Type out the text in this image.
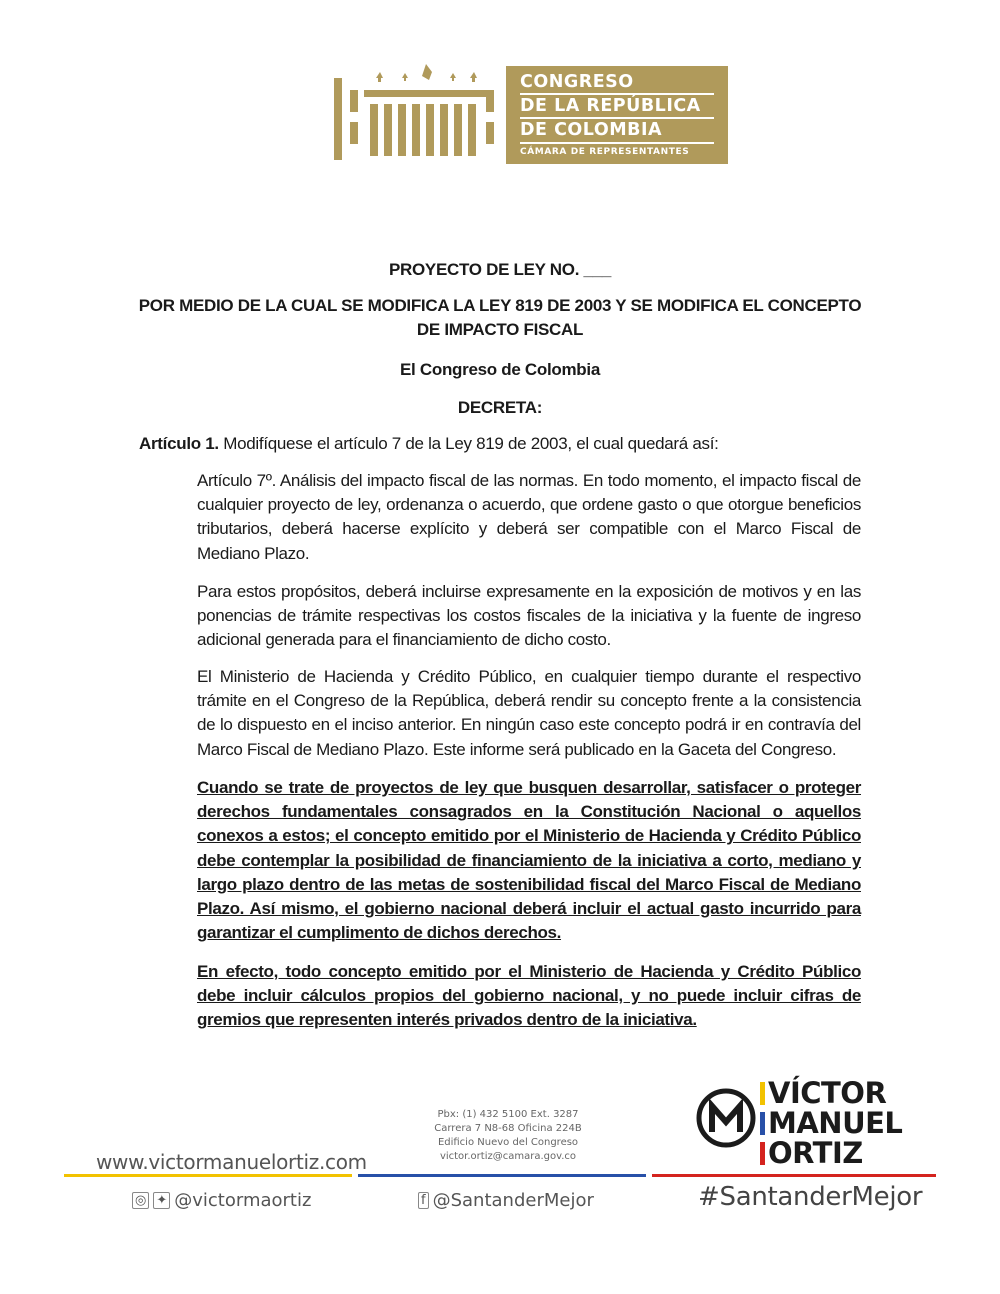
CONGRESO
DE LA REPÚBLICA
DE COLOMBIA
CÁMARA DE REPRESENTANTES

PROYECTO DE LEY NO. ___

POR MEDIO DE LA CUAL SE MODIFICA LA LEY 819 DE 2003 Y SE MODIFICA EL CONCEPTO DE IMPACTO FISCAL

El Congreso de Colombia

DECRETA:

Artículo 1. Modifíquese el artículo 7 de la Ley 819 de 2003, el cual quedará así:

Artículo 7º. Análisis del impacto fiscal de las normas. En todo momento, el impacto fiscal de cualquier proyecto de ley, ordenanza o acuerdo, que ordene gasto o que otorgue beneficios tributarios, deberá hacerse explícito y deberá ser compatible con el Marco Fiscal de Mediano Plazo.

Para estos propósitos, deberá incluirse expresamente en la exposición de motivos y en las ponencias de trámite respectivas los costos fiscales de la iniciativa y la fuente de ingreso adicional generada para el financiamiento de dicho costo.

El Ministerio de Hacienda y Crédito Público, en cualquier tiempo durante el respectivo trámite en el Congreso de la República, deberá rendir su concepto frente a la consistencia de lo dispuesto en el inciso anterior. En ningún caso este concepto podrá ir en contravía del Marco Fiscal de Mediano Plazo. Este informe será publicado en la Gaceta del Congreso.

Cuando se trate de proyectos de ley que busquen desarrollar, satisfacer o proteger derechos fundamentales consagrados en la Constitución Nacional o aquellos conexos a estos; el concepto emitido por el Ministerio de Hacienda y Crédito Público debe contemplar la posibilidad de financiamiento de la iniciativa a corto, mediano y largo plazo dentro de las metas de sostenibilidad fiscal del Marco Fiscal de Mediano Plazo. Así mismo, el gobierno nacional deberá incluir el actual gasto incurrido para garantizar el cumplimento de dichos derechos.

En efecto, todo concepto emitido por el Ministerio de Hacienda y Crédito Público debe incluir cálculos propios del gobierno nacional, y no puede incluir cifras de gremios que representen interés privados dentro de la iniciativa.

www.victormanuelortiz.com
Pbx: (1) 432 5100 Ext. 3287
Carrera 7 N8-68 Oficina 224B
Edificio Nuevo del Congreso
victor.ortiz@camara.gov.co
VÍCTOR
MANUEL
ORTIZ
◎ ✦ @victormaortiz	f @SantanderMejor	#SantanderMejor
